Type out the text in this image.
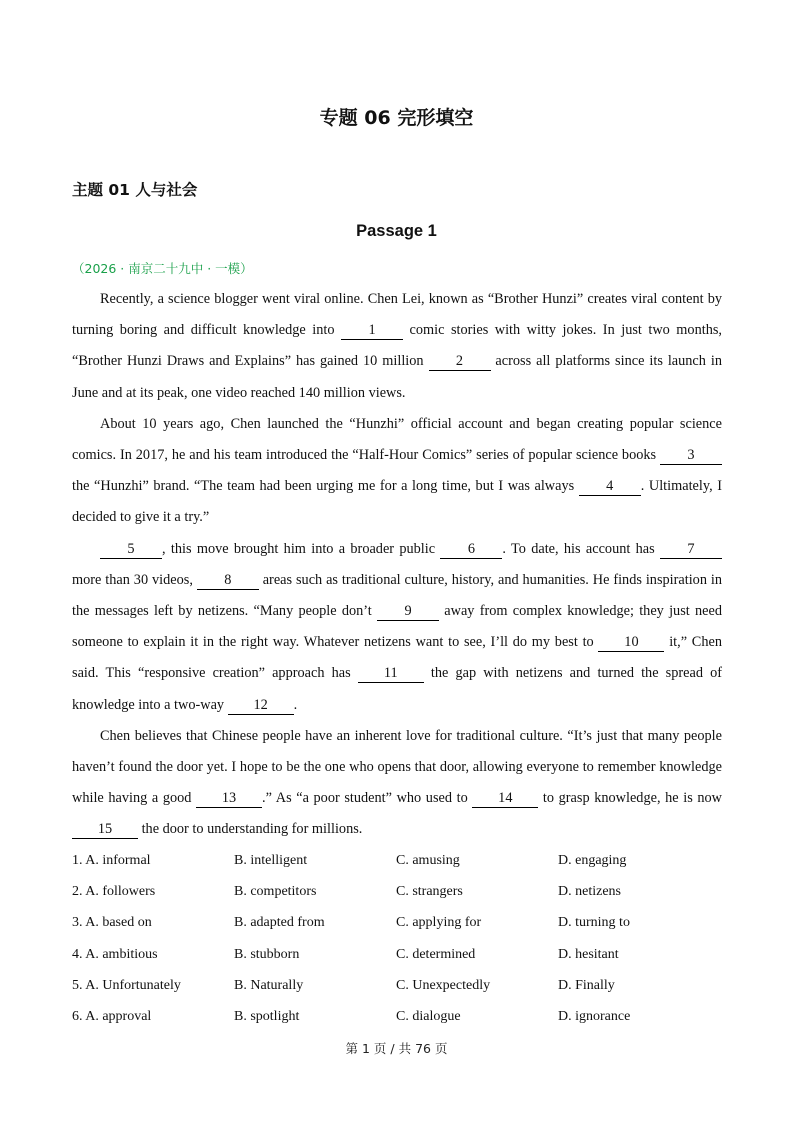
专题 06 完形填空
主题 01 人与社会
Passage 1
（2026 · 南京二十九中 · 一模）

Recently, a science blogger went viral online. Chen Lei, known as “Brother Hunzi” creates viral content by turning boring and difficult knowledge into 1 comic stories with witty jokes. In just two months, “Brother Hunzi Draws and Explains” has gained 10 million 2 across all platforms since its launch in June and at its peak, one video reached 140 million views.

About 10 years ago, Chen launched the “Hunzhi” official account and began creating popular science comics. In 2017, he and his team introduced the “Half-Hour Comics” series of popular science books 3 the “Hunzhi” brand. “The team had been urging me for a long time, but I was always 4 . Ultimately, I decided to give it a try.”

5 , this move brought him into a broader public 6 . To date, his account has 7 more than 30 videos, 8 areas such as traditional culture, history, and humanities. He finds inspiration in the messages left by netizens. “Many people don’t 9 away from complex knowledge; they just need someone to explain it in the right way. Whatever netizens want to see, I’ll do my best to 10 it,” Chen said. This “responsive creation” approach has 11 the gap with netizens and turned the spread of knowledge into a two-way 12 .

Chen believes that Chinese people have an inherent love for traditional culture. “It’s just that many people haven’t found the door yet. I hope to be the one who opens that door, allowing everyone to remember knowledge while having a good 13 .” As “a poor student” who used to 14 to grasp knowledge, he is now 15 the door to understanding for millions.

1. A. informal	B. intelligent	C. amusing	D. engaging
2. A. followers	B. competitors	C. strangers	D. netizens
3. A. based on	B. adapted from	C. applying for	D. turning to
4. A. ambitious	B. stubborn	C. determined	D. hesitant
5. A. Unfortunately	B. Naturally	C. Unexpectedly	D. Finally
6. A. approval	B. spotlight	C. dialogue	D. ignorance
第 1 页 / 共 76 页
